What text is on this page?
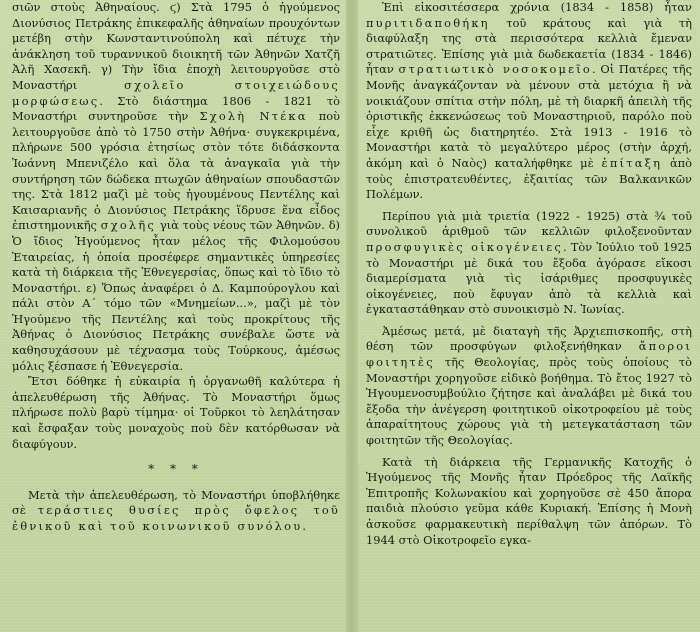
σιῶν στοὺς Ἀθηναίους. ϛ) Στὰ 1795 ὁ ἡγούμενος Διονύσιος Πετράκης ἐπικεφαλῆς ἀθηναίων προυχόντων μετέβη στὴν Κωνσταντινούπολη καὶ πέτυχε τὴν ἀνάκληση τοῦ τυραννικοῦ διοικητῆ τῶν Ἀθηνῶν Χατζῆ Ἀλῆ Χασεκῆ. γ) Τὴν ἴδια ἐποχὴ λειτουργοῦσε στὸ Μοναστήρι σχολεῖο στοιχειώδους μορφώσεως. Στὸ διάστημα 1806 - 1821 τὸ Μοναστήρι συντηροῦσε τὴν Σχολὴ Ντέκα ποὺ λειτουργοῦσε ἀπὸ τὸ 1750 στὴν Ἀθήνα· συγκεκριμένα, πλήρωνε 500 γρόσια ἐτησίως στὸν τότε διδάσκοντα Ἰωάννη Μπενιζέλο καὶ ὅλα τὰ ἀναγκαῖα γιὰ τὴν συντήρηση τῶν δώδεκα πτωχῶν ἀθηναίων σπουδαστῶν της. Στὰ 1812 μαζὶ μὲ τοὺς ἡγουμένους Πεντέλης καὶ Καισαριανῆς ὁ Διονύσιος Πετράκης ἵδρυσε ἕνα εἶδος ἐπιστημονικῆς σχολῆς γιὰ τοὺς νέους τῶν Ἀθηνῶν. δ) Ὁ ἴδιος Ἡγούμενος ἦταν μέλος τῆς Φιλομούσου Ἑταιρείας, ἡ ὁποία προσέφερε σημαντικὲς ὑπηρεσίες κατὰ τὴ διάρκεια τῆς Ἐθνεγερσίας, ὅπως καὶ τὸ ἴδιο τὸ Μοναστήρι. ε) Ὅπως ἀναφέρει ὁ Δ. Καμπούρογλου καὶ πάλι στὸν Α΄ τόμο τῶν «Μνημείων...», μαζὶ μὲ τὸν Ἡγούμενο τῆς Πεντέλης καὶ τοὺς προκρίτους τῆς Ἀθήνας ὁ Διονύσιος Πετράκης συνέβαλε ὥστε νὰ καθησυχάσουν μὲ τέχνασμα τοὺς Τούρκους, ἀμέσως μόλις ξέσπασε ἡ Ἐθνεγερσία.

Ἔτσι δόθηκε ἡ εὐκαιρία ἡ ὀργανωθῆ καλύτερα ἡ ἀπελευθέρωση τῆς Ἀθήνας. Τὸ Μοναστήρι ὅμως πλήρωσε πολὺ βαρὺ τίμημα· οἱ Τοῦρκοι τὸ λεηλάτησαν καὶ ἔσφαξαν τοὺς μοναχοὺς ποὺ δὲν κατόρθωσαν νὰ διαφύγουν.

* * *

Μετὰ τὴν ἀπελευθέρωση, τὸ Μοναστήρι ὑποβλήθηκε σὲ τεράστιες θυσίες πρὸς ὄφελος τοῦ ἐθνικοῦ καὶ τοῦ κοινωνικοῦ συνόλου.

Ἐπὶ εἰκοσιτέσσερα χρόνια (1834 - 1858) ἦταν πυριτιδαποθήκη τοῦ κράτους καὶ γιὰ τὴ διαφύλαξη της στὰ περισσότερα κελλιὰ ἔμεναν στρατιῶτες. Ἐπίσης γιὰ μιὰ δωδεκαετία (1834 - 1846) ἦταν στρατιωτικὸ νοσοκομεῖο. Οἱ Πατέρες τῆς Μονῆς ἀναγκάζονταν νὰ μένουν στὰ μετόχια ἢ νὰ νοικιάζουν σπίτια στὴν πόλη, μὲ τὴ διαρκῆ ἀπειλὴ τῆς ὁριστικῆς ἐκκενώσεως τοῦ Μοναστηριοῦ, παρόλο ποὺ εἶχε κριθῆ ὡς διατηρητέο. Στὰ 1913 - 1916 τὸ Μοναστήρι κατὰ τὸ μεγαλύτερο μέρος (στὴν ἀρχή, ἀκόμη καὶ ὁ Ναὸς) καταλήφθηκε μὲ ἐπίταξη ἀπὸ τοὺς ἐπιστρατευθέντες, ἐξαιτίας τῶν Βαλκανικῶν Πολέμων.

Περίπου γιὰ μιὰ τριετία (1922 - 1925) στὰ ¾ τοῦ συνολικοῦ ἀριθμοῦ τῶν κελλιῶν φιλοξενοῦνταν προσφυγικὲς οἰκογένειες. Τὸν Ἰούλιο τοῦ 1925 τὸ Μοναστήρι μὲ δικά του ἔξοδα ἀγόρασε εἴκοσι διαμερίσματα γιὰ τὶς ἰσάριθμες προσφυγικὲς οἰκογένειες, ποὺ ἔφυγαν ἀπὸ τὰ κελλιὰ καὶ ἐγκαταστάθηκαν στὸ συνοικισμὸ Ν. Ἰωνίας.

Ἀμέσως μετά, μὲ διαταγὴ τῆς Ἀρχιεπισκοπῆς, στὴ θέση τῶν προσφύγων φιλοξενήθηκαν ἄποροι φοιτητὲς τῆς Θεολογίας, πρὸς τοὺς ὁποίους τὸ Μοναστήρι χορηγοῦσε εἰδικὸ βοήθημα. Τὸ ἔτος 1927 τὸ Ἡγουμενοσυμβούλιο ζήτησε καὶ ἀναλάβει μὲ δικά του ἔξοδα τὴν ἀνέγερση φοιτητικοῦ οἰκοτροφείου μὲ τοὺς ἀπαραίτητους χώρους γιὰ τὴ μετεγκατάσταση τῶν φοιτητῶν τῆς Θεολογίας.

Κατὰ τὴ διάρκεια τῆς Γερμανικῆς Κατοχῆς ὁ Ἡγούμενος τῆς Μονῆς ἦταν Πρόεδρος τῆς Λαϊκῆς Ἐπιτροπῆς Κολωνακίου καὶ χορηγοῦσε σὲ 450 ἄπορα παιδιὰ πλούσιο γεῦμα κάθε Κυριακή. Ἐπίσης ἡ Μονὴ ἀσκοῦσε φαρμακευτικὴ περίθαλψη τῶν ἀπόρων. Τὸ 1944 στὸ Οἰκοτροφεῖο εγκα-
